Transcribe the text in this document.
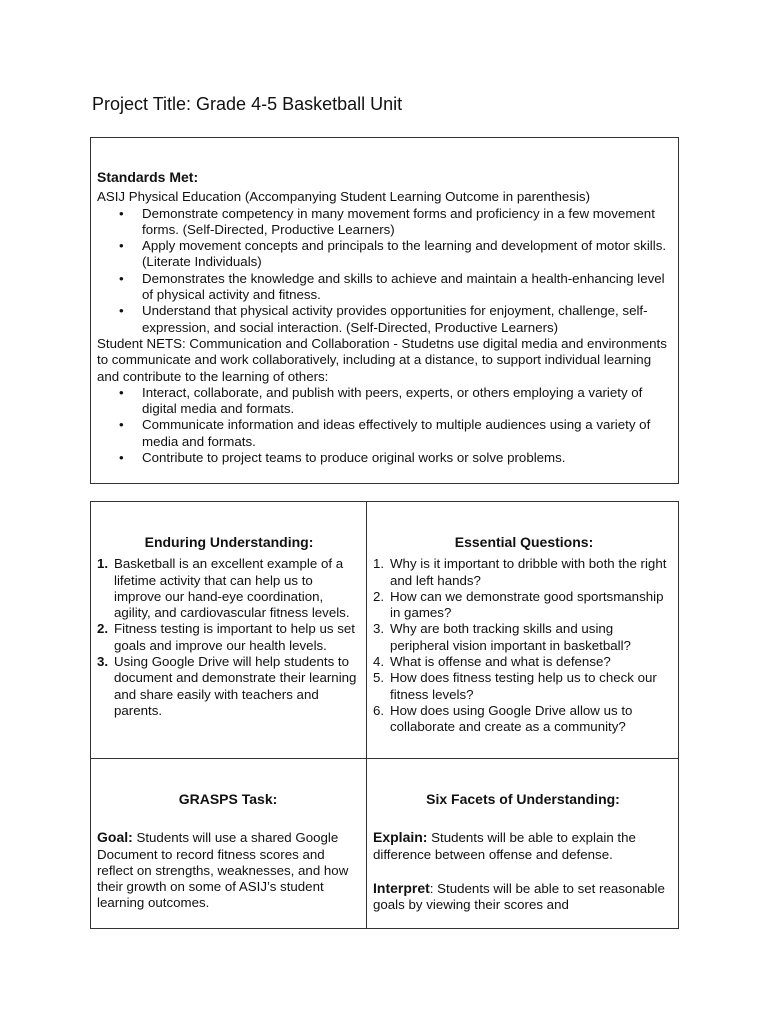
Project Title: Grade 4-5 Basketball Unit
Standards Met:
ASIJ Physical Education (Accompanying Student Learning Outcome in parenthesis)
• Demonstrate competency in many movement forms and proficiency in a few movement forms. (Self-Directed, Productive Learners)
• Apply movement concepts and principals to the learning and development of motor skills. (Literate Individuals)
• Demonstrates the knowledge and skills to achieve and maintain a health-enhancing level of physical activity and fitness.
• Understand that physical activity provides opportunities for enjoyment, challenge, self-expression, and social interaction. (Self-Directed, Productive Learners)
Student NETS: Communication and Collaboration - Studetns use digital media and environments to communicate and work collaboratively, including at a distance, to support individual learning and contribute to the learning of others:
• Interact, collaborate, and publish with peers, experts, or others employing a variety of digital media and formats.
• Communicate information and ideas effectively to multiple audiences using a variety of media and formats.
• Contribute to project teams to produce original works or solve problems.
Enduring Understanding:
1. Basketball is an excellent example of a lifetime activity that can help us to improve our hand-eye coordination, agility, and cardiovascular fitness levels.
2. Fitness testing is important to help us set goals and improve our health levels.
3. Using Google Drive will help students to document and demonstrate their learning and share easily with teachers and parents.
Essential Questions:
1. Why is it important to dribble with both the right and left hands?
2. How can we demonstrate good sportsmanship in games?
3. Why are both tracking skills and using peripheral vision important in basketball?
4. What is offense and what is defense?
5. How does fitness testing help us to check our fitness levels?
6. How does using Google Drive allow us to collaborate and create as a community?
GRASPS Task:
Goal: Students will use a shared Google Document to record fitness scores and reflect on strengths, weaknesses, and how their growth on some of ASIJ’s student learning outcomes.
Six Facets of Understanding:
Explain: Students will be able to explain the difference between offense and defense.
Interpret: Students will be able to set reasonable goals by viewing their scores and
